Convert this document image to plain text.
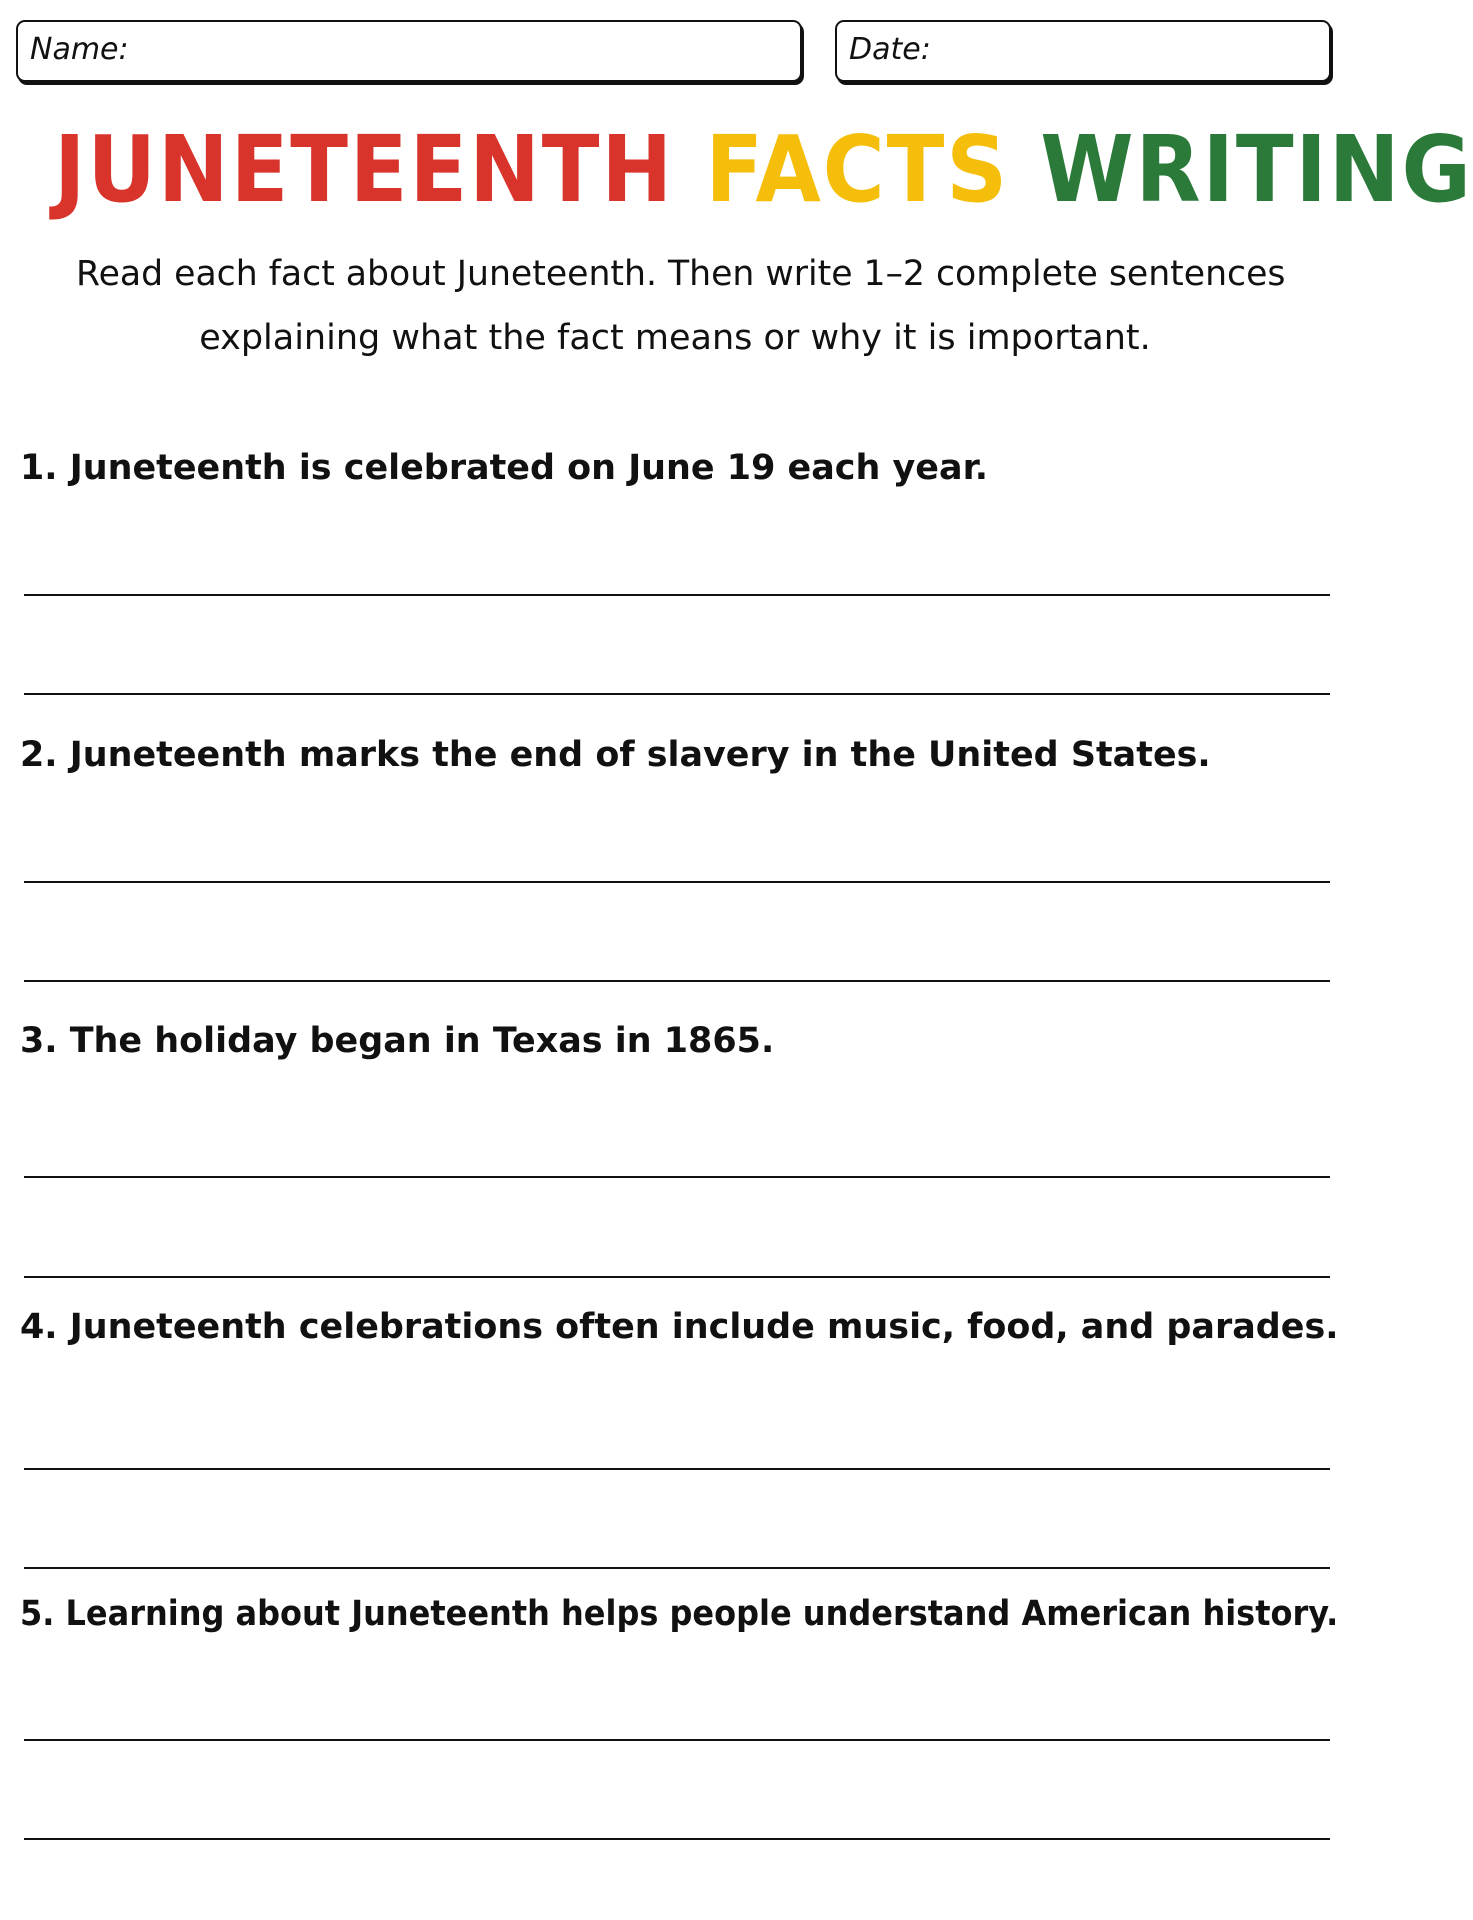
Name:	Date:
JUNETEENTH FACTS WRITING
Read each fact about Juneteenth. Then write 1–2 complete sentences
explaining what the fact means or why it is important.
1. Juneteenth is celebrated on June 19 each year.
2. Juneteenth marks the end of slavery in the United States.
3. The holiday began in Texas in 1865.
4. Juneteenth celebrations often include music, food, and parades.
5. Learning about Juneteenth helps people understand American history.
